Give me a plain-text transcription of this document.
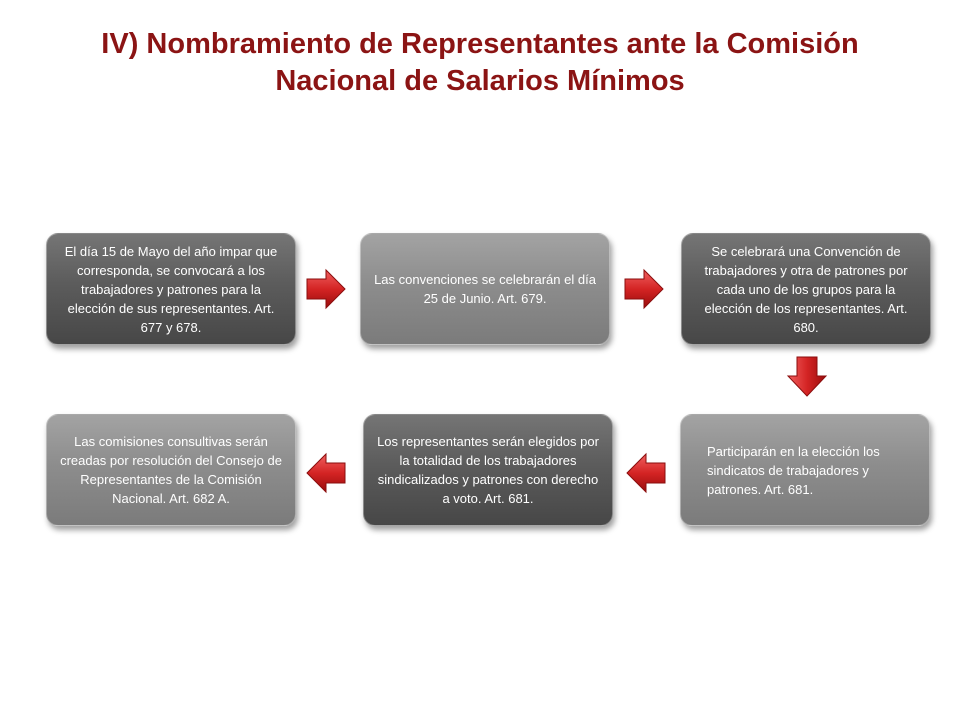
IV) Nombramiento de Representantes ante la Comisión
Nacional de Salarios Mínimos
El día 15 de Mayo del año impar que corresponda, se convocará a los trabajadores y patrones para la elección de sus representantes. Art. 677 y 678.
Las convenciones se celebrarán el día 25 de Junio. Art. 679.
Se celebrará una Convención de trabajadores y otra de patrones por cada uno de los grupos para la elección de los representantes. Art. 680.
Las comisiones consultivas serán creadas por resolución del Consejo de Representantes de la Comisión Nacional. Art. 682 A.
Los representantes serán elegidos por la totalidad de los trabajadores sindicalizados y patrones con derecho a voto. Art. 681.
Participarán en la elección los sindicatos de trabajadores y patrones. Art. 681.
